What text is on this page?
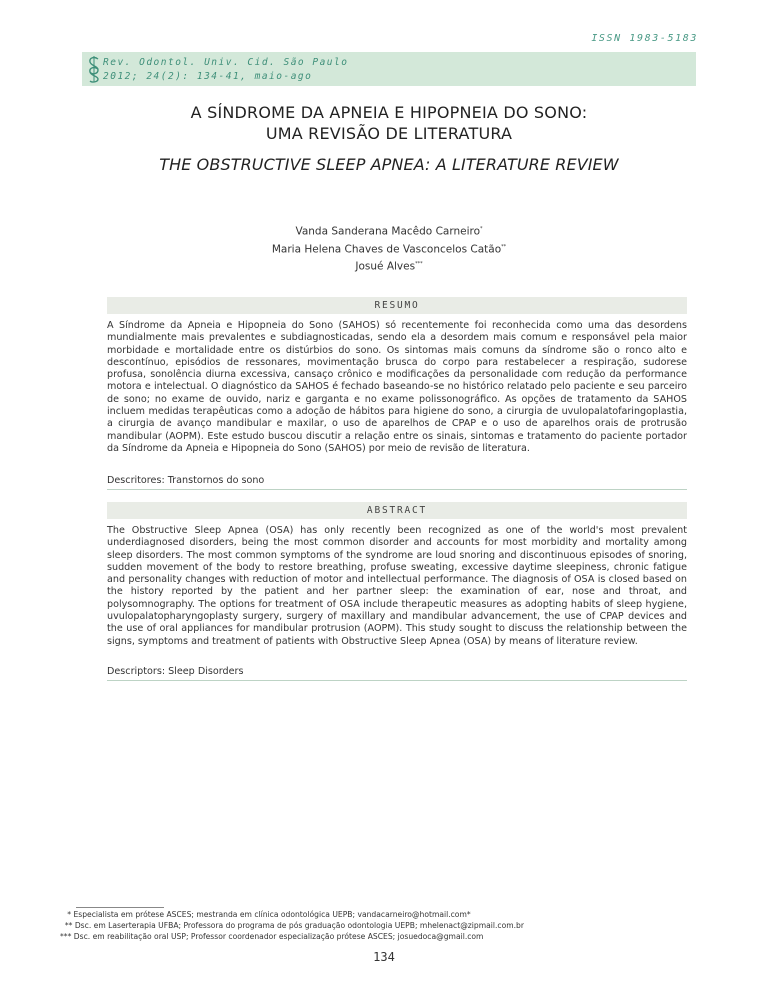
ISSN 1983-5183
Rev. Odontol. Univ. Cid. São Paulo
2012; 24(2): 134-41, maio-ago
A SÍNDROME DA APNEIA E HIPOPNEIA DO SONO:
UMA REVISÃO DE LITERATURA
THE OBSTRUCTIVE SLEEP APNEA: A LITERATURE REVIEW
Vanda Sanderana Macêdo Carneiro*
Maria Helena Chaves de Vasconcelos Catão**
Josué Alves***
RESUMO

A Síndrome da Apneia e Hipopneia do Sono (SAHOS) só recentemente foi reconhecida como uma das desordens mundialmente mais prevalentes e subdiagnosticadas, sendo ela a desordem mais comum e responsável pela maior morbidade e mortalidade entre os distúrbios do sono. Os sintomas mais comuns da síndrome são o ronco alto e descontínuo, episódios de ressonares, movimentação brusca do corpo para restabelecer a respiração, sudorese profusa, sonolência diurna excessiva, cansaço crônico e modificações da personalidade com redução da performance motora e intelectual. O diagnóstico da SAHOS é fechado baseando-se no histórico relatado pelo paciente e seu parceiro de sono; no exame de ouvido, nariz e garganta e no exame polissonográfico. As opções de tratamento da SAHOS incluem medidas terapêuticas como a adoção de hábitos para higiene do sono, a cirurgia de uvulopalatofaringoplastia, a cirurgia de avanço mandibular e maxilar, o uso de aparelhos de CPAP e o uso de aparelhos orais de protrusão mandibular (AOPM). Este estudo buscou discutir a relação entre os sinais, sintomas e tratamento do paciente portador da Síndrome da Apneia e Hipopneia do Sono (SAHOS) por meio de revisão de literatura.

Descritores: Transtornos do sono
ABSTRACT

The Obstructive Sleep Apnea (OSA) has only recently been recognized as one of the world's most prevalent underdiagnosed disorders, being the most common disorder and accounts for most morbidity and mortality among sleep disorders. The most common symptoms of the syndrome are loud snoring and discontinuous episodes of snoring, sudden movement of the body to restore breathing, profuse sweating, excessive daytime sleepiness, chronic fatigue and personality changes with reduction of motor and intellectual performance. The diagnosis of OSA is closed based on the history reported by the patient and her partner sleep: the examination of ear, nose and throat, and polysomnography. The options for treatment of OSA include therapeutic measures as adopting habits of sleep hygiene, uvulopalatopharyngoplasty surgery, surgery of maxillary and mandibular advancement, the use of CPAP devices and the use of oral appliances for mandibular protrusion (AOPM). This study sought to discuss the relationship between the signs, symptoms and treatment of patients with Obstructive Sleep Apnea (OSA) by means of literature review.

Descriptors: Sleep Disorders
* Especialista em prótese ASCES; mestranda em clínica odontológica UEPB; vandacarneiro@hotmail.com*
** Dsc. em Laserterapia UFBA; Professora do programa de pós graduação odontologia UEPB; mhelenact@zipmail.com.br
*** Dsc. em reabilitação oral USP; Professor coordenador especialização prótese ASCES; josuedoca@gmail.com
134
